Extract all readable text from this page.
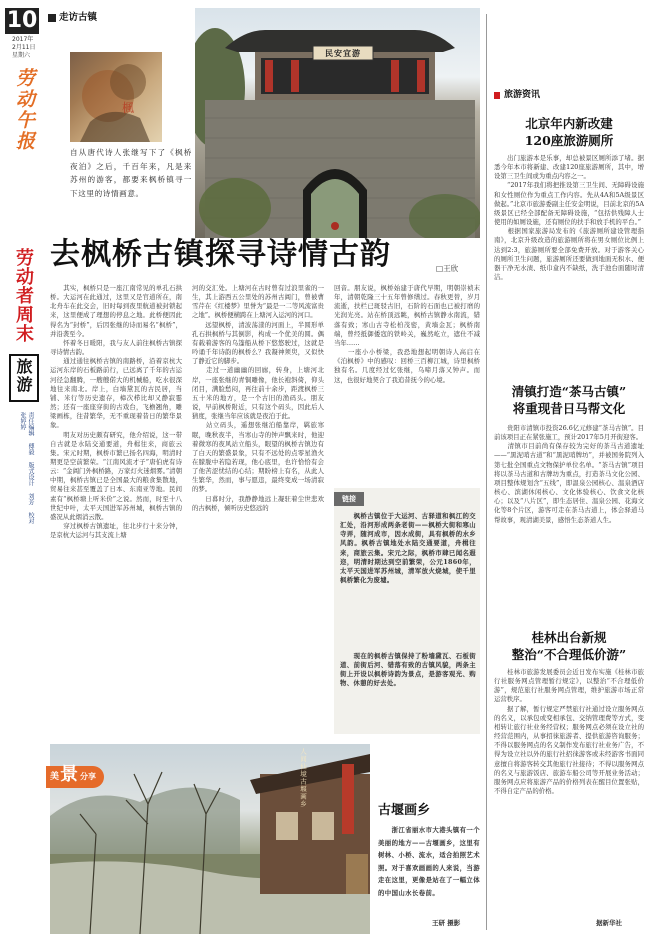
10
2017年
2月11日
星期六
劳动午报
走访古镇
劳动者周末
旅游
责任编辑 傅毅 版式设计 刘芳 校对 张婷婷
楓
自从唐代诗人张继写下了《枫桥夜泊》之后，千百年来，凡是来苏州的游客，都要来枫桥镇寻一下这里的诗情画意。
民安宜游
去枫桥古镇探寻诗情古韵	□王欣
　　其实，枫桥只是一座江南常见的单孔石拱桥。大运河在此通过，这里又是官道所在，南北舟车在此交会，旧时每到夜里航道被封锁起来，这里便成了理想的停息之地。此桥便因此得名为“封桥”，后因张继的诗而易名“枫桥”，并沿袭至今。
　　怀着冬日暖阳，我与友人前往枫桥古镇探寻诗情古韵。
　　通过通往枫桥古镇的南路桥，沿着京杭大运河东岸的石板路前行，已远离了千年的古运河径急翻腾，一艘艘偌大的机械船，吃水很深地往来南北。岸上，白墙黛瓦的古民居，当铺、米行等历史遗存，樟次栉比却又静寂霎然；还有一座座穿街的古戏台，飞檐翘角，雕梁画栋，往昔繁华，无不重现着昔日的繁华景象。
　　明友对历史颇有研究，他介绍说，这一带自古就是水陆交通要道，舟楫往来，商旅云集。宋元时期，枫桥市繁已扬名四海，明清时期更是空前繁荣。“江南风流才子”唐伯虎有诗云：“金阊门外枫桥路，万家灯火迷烟雾。”清朝中期，枫桥古镇已是全国最大的粮食集散地，贸易往来甚至覆盖了日本、东南亚等地。民间素有“枫桥塘上听米价”之说。然而，时至十八世纪中叶，太平天国进军苏州城，枫桥古镇的盛况从此烟消云散。
　　穿过枫桥古镇遗址，往北步行十来分钟，是京杭大运河与其支流上塘
河的交汇处。上塘河在古时曾有过浪里雀的一生，其上游西五公里处的苏州古阊门，曾被曹雪芹在《红楼梦》里誉为“最是一二等风流富贵之地”。枫桥便横跨在上塘河入运河的河口。
　　远望枫桥，清波荡漾的河面上，半圆形单孔石拱枫桥与其倒影，构成一个优美的圆。偶有载着游客的乌篷船从桥下悠悠驶过，这就是吟诵千年诗韵的枫桥么？我凝神须臾，又似快了静近它的脚步。
　　走过一道幽幽的回廊，转身，上塘河北岸，一座张继的青铜雕像，他长袍斜倚，仰头闭目，满脸愁闷，再往前十余步，距渡枫桥三五十米的地方，是一个古旧的渔码头。朋友说，早前枫桥附近，只有这个码头，因此后人猜度，张继当年应该就是夜泊于此。
　　站立码头，遥想张继泊船靠岸，羁旅寒眠，晚秋夜半，当寒山寺的钟声飘来时，他迎着微寒的夜风站立船头，眼望的枫桥古镇边有了白天的繁盛景象，只有不远处的点零星渔火在朦胧中若隐若现，他心底里，也许恰恰有会了他苦涩忧结的心结；期盼榜上有名，从此人生繁华，然而，事与愿违，最终变成一场清寂的梦。
　　日暮时分，我静静地远上凝驻着尘世悲欢的古枫桥，倾听历史悠远的
回音。朋友说，枫桥始建于唐代早期，明朝崇祯末年，清朝乾隆三十五年曾修缮过。春秋更替，岁月流逝，扶栏已斑驳古旧，石阶的石面也已被打磨的光润光亮。站在桥顶远眺，枫桥古镇静水南流，错落有致；寒山古寺松柏茂密，黄墙金瓦；枫桥南端，曾经抵御倭寇的铁岭关，巍然屹立，遮仕不减当年……
　　一座小小桥梁，我恐地想起明朝诗人高启在《泊枫桥》中的感叹：回桥三百柳江城，诗里枫桥独有名。几度经过忆张继，乌啼月落又钟声。而这，也很好地契合了我追昔抚今的心境。
链接
　　枫桥古镇位于大运河、古驿道和枫江的交汇处，沿河形成两条老街——枫桥大街和寒山寺弄，随河成市，因水成街，具有枫桥的水乡风韵。枫桥古镇地处水陆交通要道，舟楫往来，商旅云集。宋元之际，枫桥市肆已闻名遐迩，明清时期达到空前繁荣，公元1860年，太平天国进军苏州城，清军放火烧城，使千里枫桥繁化为废墟。
　　现在的枫桥古镇保持了粉墙黛瓦、石板街道、前街后河、错落有致的古镇风貌，两条主街上开设以枫桥诗韵为景点，是游客观光、购物、休憩的好去处。
美 景 分享	人间仙境古堰画乡
古堰画乡
　　浙江省丽水市大港头镇有一个美丽的地方——古堰画乡，这里有树林、小桥、流水，适合拍照艺术照。对于喜欢画画的人来说，当游走在这里，更像是站在了一幅立体的中国山水长卷前。
王研 摄影
旅游资讯
北京年内新改建
120座旅游厕所
　　出门旅游本是乐事，却总被景区厕所添了堵。据悉今年本市将新建、改建120座旅游厕所，其中，增设第三卫生间或为重点内容之一。
　　“2017年我们将把推设第三卫生间、无障碍设施和女性厕位作为重点工作内容。先从4A和5A级景区做起。”北京市旅游委副主任安金明说，目前北京的5A级景区已经全部配备无障碍设施，“包括供残障人士使用的如厕设施，还有厕位的扶手和放手机的平台。”
　　根据国家旅游局发布的《旅游厕所建设管理指南》，北京升级改造的旅游厕所将在男女厕位比例上达到2:3，旅游厕所要全部免费开放。对于游客关心的厕所卫生问题，旅游厕所还要做到地面无积水、便器干净无水渍、纸巾盒内不缺纸，洗手池台面随时清洁。
清镇打造“茶马古镇”
将重现昔日马帮文化
　　贵阳市清镇市投资26.6亿元修建“茶马古镇”。目前该项目正在紧张施工，预计2017年5月开街迎客。
　　清镇市目前尚有保存较为完好的茶马古道遗址——“黑泥哨古道”和“黑泥哨牌坊”，并被国务院列入第七批全国重点文物保护单位名单。“茶马古镇”项目将以茶马古道和古牌坊为重点，打造茶马文化公园、项目整体规划含“五线”，即温泉公园核心、温泉酒店核心、滨湖休闲核心、文化体验核心、饮食文化核心；以及“八片区”，即生态居住、温泉公园、花海文化等8个片区，游客可走在茶马古道上，体会驿道马帮故事，观清湖美景，感悟生态茶道人生。
桂林出台新规
整治“不合理低价游”
　　桂林市旅游发展委员会近日发布实施《桂林市旅行社服务网点管理暂行规定》，以整治“不合理低价游”，规范旅行社服务网点管理，维护旅游市场正常运营秩序。
　　据了解，暂行规定严禁旅行社通过设立服务网点的名义，以承包或变相承包、交纳管理费等方式，变相转让旅行社业务经营权；服务网点必须在设立社的经营范围内，从事招徕旅游者、提供旅游咨询服务；不得以服务网点的名义制作发布旅行社业务广告，不得为设立社以外的旅行社招徕游客或未经游客书面同意擅自将游客转交其他旅行社接待；不得以服务网点的名义与旅游饭店、旅游车船公司等开展业务活动；服务网点应将旅游产品的价格列表在醒目位置张贴，不得自定产品的价格。
据新华社
